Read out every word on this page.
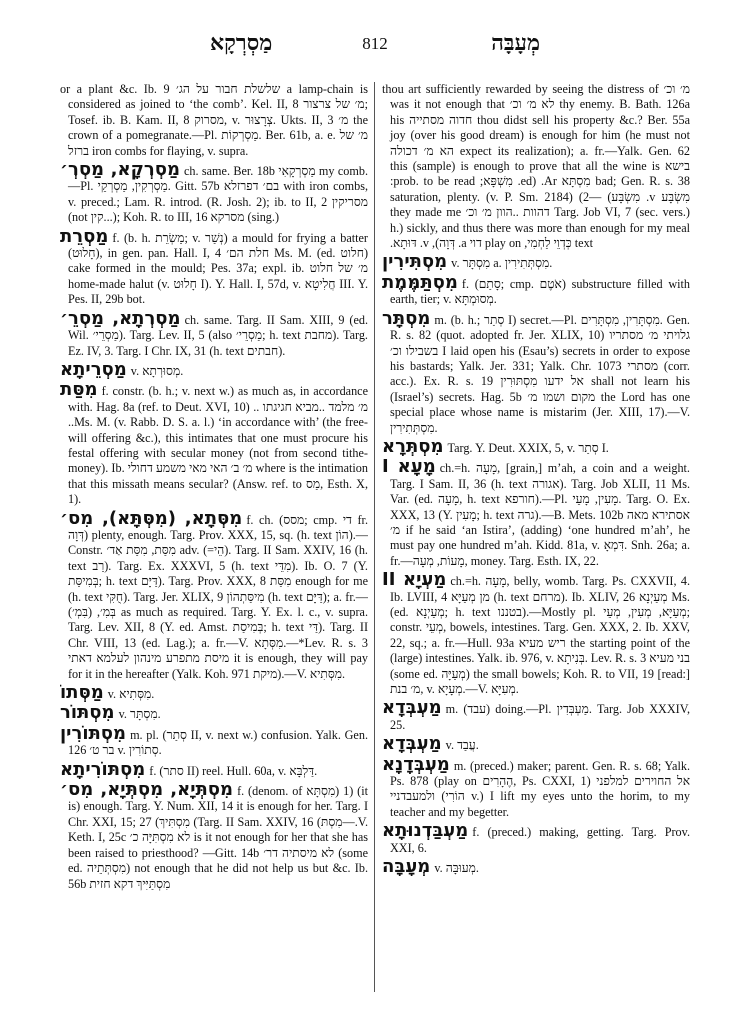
מַסְרְקָא	812	מְעָבָּה
or a plant &c. Ib. 9 שלשלת חבור על הג׳ a lamp-chain is considered as joined to ‘the comb’. Kel. II, 8 מ׳ של צרצור; Tosef. ib. B. Kam. II, 8 מסרוק, v. צְרָצוּר. Ukts. II, 3 מ׳ the crown of a pomegranate.—Pl. מַסְרְקוֹת. Ber. 61b, a. e. מ׳ של ברזל iron combs for flaying, v. supra.
מַסְרְקָא, מַסְרְ׳ ch. same. Ber. 18b מַסְרְקָאִי my comb.—Pl. מַסְרְקִין, מַסְרְקֵי. Gitt. 57b בם׳ דפרזלא with iron combs, v. preced.; Lam. R. introd. (R. Josh. 2); ib. to II, 2 מסריקין (not קין...); Koh. R. to III, 16 מסרקא (sing.)
מַסְרֵת f. (b. h. מַשְׂרֵת; v. נְשַׁר) a mould for frying a batter (חָלוּט), in gen. pan. Hall. I, 4 חלת הם׳ Ms. M. (ed. חלוט) cake formed in the mould; Pes. 37a; expl. ib. מ׳ של חלוט home-made halut (v. חָלוּט I). Y. Hall. I, 57d, v. חֲלִיטָא III. Y. Pes. II, 29b bot.
מַסְרְתָא, מַסְרֵ׳ ch. same. Targ. II Sam. XIII, 9 (ed. Wil. מַסְרֵי׳). Targ. Lev. II, 5 (also מַסְרֵי׳; h. text מחבת). Targ. Ez. IV, 3. Targ. I Chr. IX, 31 (h. text חבתים).
מַסְרֵיתָא v. מְסוּרְתָא.
מִסַּת f. constr. (b. h.; v. next w.) as much as, in accordance with. Hag. 8a (ref. to Deut. XVI, 10) .. מ׳ מלמד ..מביא חגיגתו ..Ms. M. (v. Rabb. D. S. a. l.) ‘in accordance with’ (the free-will offering &c.), this intimates that one must procure his festal offering with secular money (not from second tithe-money). Ib. מ׳ ב׳ האי מאי משמע דחולי where is the intimation that this missath means secular? (Answ. ref. to מַס, Esth. X, 1).
מִסְּתָא, (מִסְּתָּא), מִס׳ f. ch. (מסס; cmp. די fr. דְּוָה) plenty, enough. Targ. Prov. XXX, 15, sq. (h. text הוֹן).—Constr. מִסַּת, מִסַּת אַד׳ adv. (=הֵי). Targ. II Sam. XXIV, 16 (h. text רַב). Targ. Ex. XXXVI, 5 (h. text מִדֵּי). Ib. O. 7 (Y. בְּמִיסַּת; h. text דַּיָּם). Targ. Prov. XXX, 8 מִסַּת enough for me (h. text חֻקִּי). Targ. Jer. XLIX, 9 מִיסַּתְהוֹן (h. text דַּיָּם); a. fr.—בְּמִ׳, (בִּמְ׳) as much as required. Targ. Y. Ex. l. c., v. supra. Targ. Lev. XII, 8 (Y. ed. Amst. בְּמִיסַת; h. text דַּי). Targ. II Chr. VIII, 13 (ed. Lag.); a. fr.—V. מִסְּתָא.—*Lev. R. s. 3 מיסת מתפרע מינהון לעלמא דאתי it is enough, they will pay for it in the hereafter (Yalk. Koh. 971 מיקת).—V. מִסְּתִיא.
מַסְּתוֹ v. מִסְּתִיא.
מִסְתּוֹר v. מִסְתָּר.
מִסְתּוֹרִין m. pl. (סְתַר II, v. next w.) confusion. Yalk. Gen. 126 בר ט׳ v. סְתוֹרִין.
מִסְתּוֹרִיתָא f. (סתר II) reel. Hull. 60a, v. דַּלְבָּא.
מִסְתְּיָא, מִסְתְּיָא, מִס׳ f. (denom. of מִסְתָּא) 1) (it is) enough. Targ. Y. Num. XII, 14 it is enough for her. Targ. I Chr. XXI, 15; 27 (מִסְתִּיךְ (Targ. II Sam. XXIV, 16 (מִסְתּ—.V. Keth. I, 25c לא מִסְתִּיָּה כ׳ is it not enough for her that she has been raised to priesthood? —Gitt. 14b לא מיסתיה דר׳ (some ed. מִסְתְּתֵיה) not enough that he did not help us but &c. Ib. 56b מִסְתַּיִּיךְ דקא חזית
מ׳ וכ׳ thou art sufficiently rewarded by seeing the distress of thy enemy. B. Bath. 126a לא מ׳ וכ׳ was it not enough that thou didst sell his property &c.? Ber. 55a חדוה מסתייה his joy (over his good dream) is enough for him (he must not expect its realization); a. fr.—Yalk. Gen. 62 הא מ׳ דכולה בישא this (sample) is enough to prove that all the wine is bad; Gen. R. s. 38 מִסְתָּא Ar. (ed. מִשְׁפָּא; prob. to be read: מִשְׂבָּע v. מִשְׂבָּע) —2) (v. P. Sm. 2184) saturation, plenty. Targ. Job VI, 7 (sec. vers.) דהוות ..הוון מ׳ וכ׳ they made me sickly, and thus there was more than enough for my meal (h. text כְּדְוֵי לַחְמִי, play on דוי a. דְּוָה), v. דּוּתָא.
מִסְתִּירִין v. מִסְתָּר a. מִסְתְּתִירִין.
מִסְתַּמֶּמֶת f. (סָתַם; cmp. אֹטֶם) substructure filled with earth, tier; v. מְסוּמְתָּא.
מִסְתָּר m. (b. h.; סְתַר I) secret.—Pl. מִסְתָּרִין, מִסְתָּרִים. Gen. R. s. 82 (quot. adopted fr. Jer. XLIX, 10) גלויתי מ׳ מסתריו בשבילו וכ׳ I laid open his (Esau’s) secrets in order to expose his bastards; Yalk. Jer. 331; Yalk. Chr. 1073 מסתרי (corr. acc.). Ex. R. s. 19 אל ידעו מִסְתּוּרִין shall not learn his (Israel’s) secrets. Hag. 5b מקום ושמו מ׳ the Lord has one special place whose name is mistarim (Jer. XIII, 17).—V. מִסְתְּתִירִין.
מִסְתְּרָא Targ. Y. Deut. XXIX, 5, v. סְתַר I.
מָעָא I ch.=h. מָעָה, [grain,] m’ah, a coin and a weight. Targ. I Sam. II, 36 (h. text אגורה). Targ. Job XLII, 11 Ms. Var. (ed. מָעָה, h. text חורפא).—Pl. מָעִין, מָעֵי. Targ. O. Ex. XXX, 13 (Y. מָעִין; h. text גרה).—B. Mets. 102b אסתירא מאה מ׳ if he said ‘an Istira’, (adding) ‘one hundred m’ah’, he must pay one hundred m’ah. Kidd. 81a, v. דִּמְאָ. Snh. 26a; a. fr.—מָעוֹת, מְעָה, money. Targ. Esth. IX, 22.
מַעְיָא II ch.=h. מָעָה, belly, womb. Targ. Ps. CXXVII, 4. Ib. LVIII, 4 מן מְעַיָּא (h. text מרחם). Ib. XLIV, 26 מְעַיְנָא Ms. (ed. מְעַיְנָא; h. text בטננו).—Mostly pl. מְעַיָּא, מְעִין, מְעֵי; constr. מְעֵי, bowels, intestines. Targ. Gen. XXX, 2. Ib. XXV, 22, sq.; a. fr.—Hull. 93a ריש מעיא the starting point of the (large) intestines. Yalk. ib. 976, v. בְּנִיתָא. Lev. R. s. 3 בני מעיא (some ed. מְעַיָּה) the small bowels; Koh. R. to VII, 19 [read:] מ׳ בנת, v. מְעָיָא.—V. מְעִיָּא.
מַעְבְּדָא m. (עבד) doing.—Pl. מַעְבְּדִין. Targ. Job XXXIV, 25.
מַעְבְּדָא v. עֲבַד.
מַעְבְּדָנָא m. (preced.) maker; parent. Gen. R. s. 68; Yalk. Ps. 878 (play on הֶהָרִים, Ps. CXXI, 1) אל החוירים למלפני ולמעבדניי (הוֹרִי v.) I lift my eyes unto the horim, to my teacher and my begetter.
מַעְבַּדְנוּתָא f. (preced.) making, getting. Targ. Prov. XXI, 6.
מְעָבָּה v. מְעוּבָּה.
